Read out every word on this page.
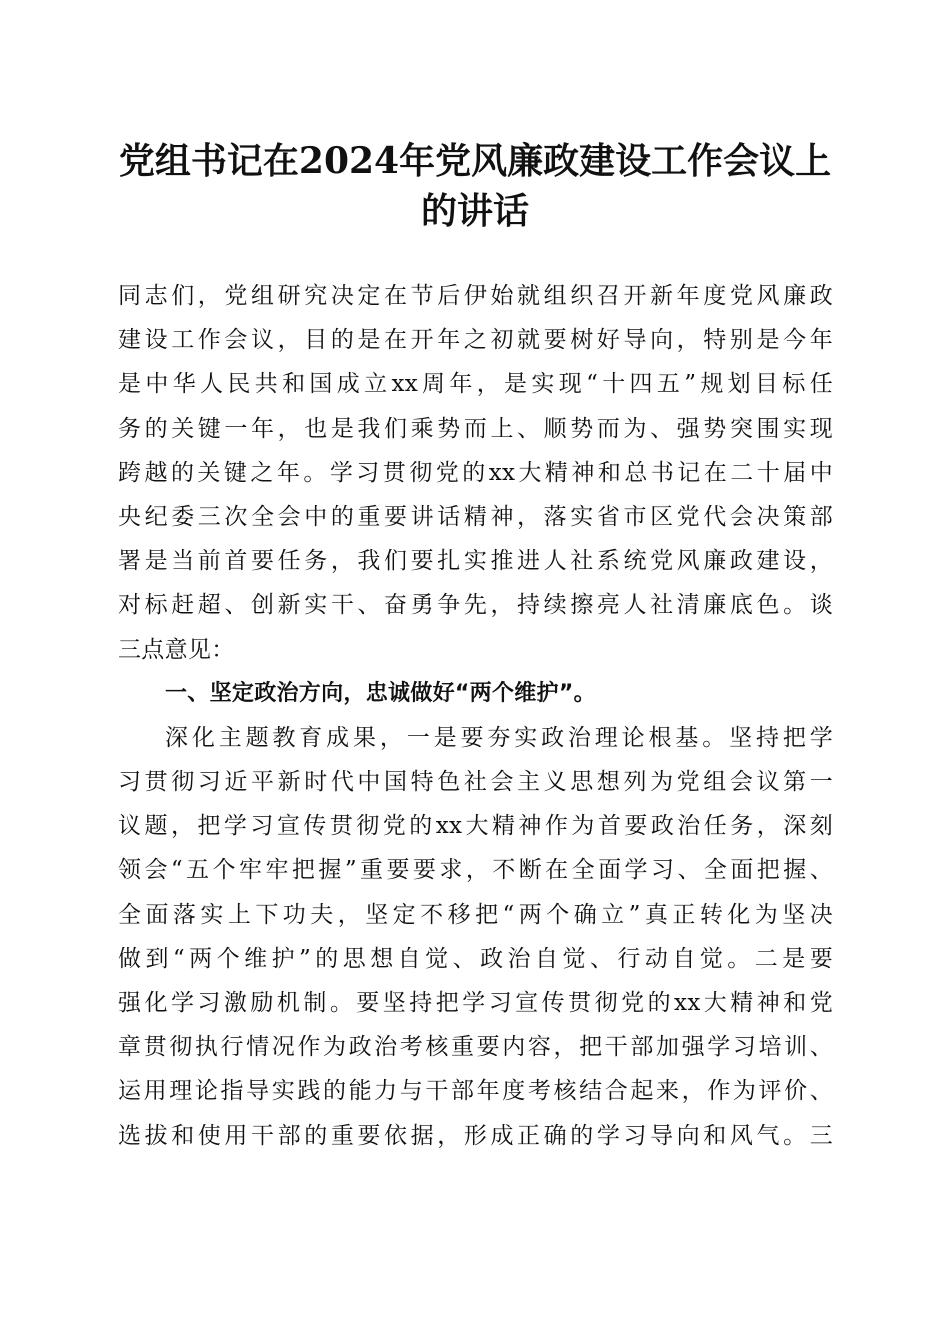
党组书记在2024年党风廉政建设工作会议上
的讲话
同志们，党组研究决定在节后伊始就组织召开新年度党风廉政
建设工作会议，目的是在开年之初就要树好导向，特别是今年
是中华人民共和国成立xx周年，是实现“十四五”规划目标任
务的关键一年，也是我们乘势而上、顺势而为、强势突围实现
跨越的关键之年。学习贯彻党的xx大精神和总书记在二十届中
央纪委三次全会中的重要讲话精神，落实省市区党代会决策部
署是当前首要任务，我们要扎实推进人社系统党风廉政建设，
对标赶超、创新实干、奋勇争先，持续擦亮人社清廉底色。谈
三点意见：
一、坚定政治方向，忠诚做好“两个维护”。
深化主题教育成果，一是要夯实政治理论根基。坚持把学
习贯彻习近平新时代中国特色社会主义思想列为党组会议第一
议题，把学习宣传贯彻党的xx大精神作为首要政治任务，深刻
领会“五个牢牢把握”重要要求，不断在全面学习、全面把握、
全面落实上下功夫，坚定不移把“两个确立”真正转化为坚决
做到“两个维护”的思想自觉、政治自觉、行动自觉。二是要
强化学习激励机制。要坚持把学习宣传贯彻党的xx大精神和党
章贯彻执行情况作为政治考核重要内容，把干部加强学习培训、
运用理论指导实践的能力与干部年度考核结合起来，作为评价、
选拔和使用干部的重要依据，形成正确的学习导向和风气。三
